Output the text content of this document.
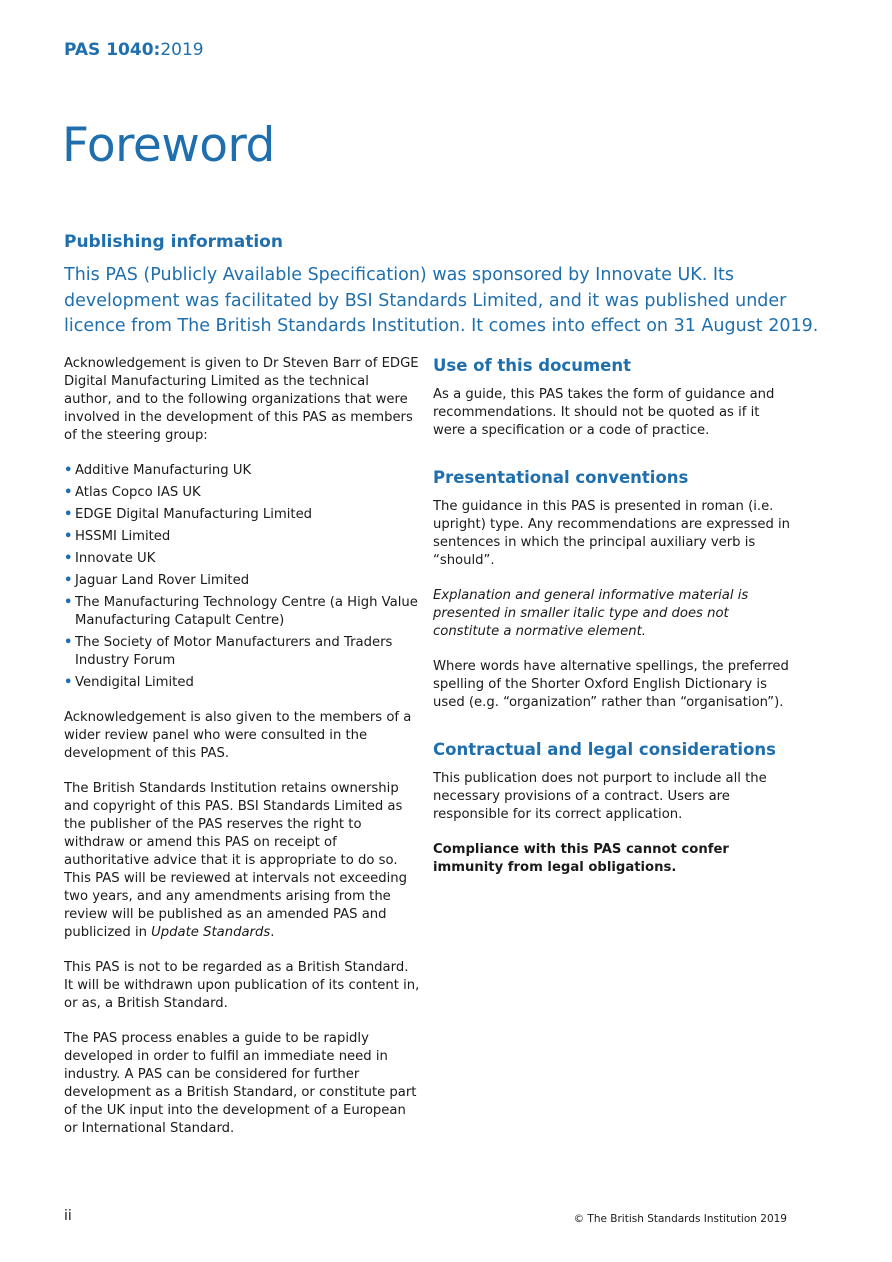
PAS 1040:2019
Foreword
Publishing information

This PAS (Publicly Available Specification) was sponsored by Innovate UK. Its development was facilitated by BSI Standards Limited, and it was published under licence from The British Standards Institution. It comes into effect on 31 August 2019.

Acknowledgement is given to Dr Steven Barr of EDGE Digital Manufacturing Limited as the technical author, and to the following organizations that were involved in the development of this PAS as members of the steering group:

• Additive Manufacturing UK
• Atlas Copco IAS UK
• EDGE Digital Manufacturing Limited
• HSSMI Limited
• Innovate UK
• Jaguar Land Rover Limited
• The Manufacturing Technology Centre (a High Value Manufacturing Catapult Centre)
• The Society of Motor Manufacturers and Traders Industry Forum
• Vendigital Limited

Acknowledgement is also given to the members of a wider review panel who were consulted in the development of this PAS.

The British Standards Institution retains ownership and copyright of this PAS. BSI Standards Limited as the publisher of the PAS reserves the right to withdraw or amend this PAS on receipt of authoritative advice that it is appropriate to do so. This PAS will be reviewed at intervals not exceeding two years, and any amendments arising from the review will be published as an amended PAS and publicized in Update Standards.

This PAS is not to be regarded as a British Standard. It will be withdrawn upon publication of its content in, or as, a British Standard.

The PAS process enables a guide to be rapidly developed in order to fulfil an immediate need in industry. A PAS can be considered for further development as a British Standard, or constitute part of the UK input into the development of a European or International Standard.

Use of this document

As a guide, this PAS takes the form of guidance and recommendations. It should not be quoted as if it were a specification or a code of practice.

Presentational conventions

The guidance in this PAS is presented in roman (i.e. upright) type. Any recommendations are expressed in sentences in which the principal auxiliary verb is “should”.

Explanation and general informative material is presented in smaller italic type and does not constitute a normative element.

Where words have alternative spellings, the preferred spelling of the Shorter Oxford English Dictionary is used (e.g. “organization” rather than “organisation”).

Contractual and legal considerations

This publication does not purport to include all the necessary provisions of a contract. Users are responsible for its correct application.

Compliance with this PAS cannot confer immunity from legal obligations.

ii	© The British Standards Institution 2019
